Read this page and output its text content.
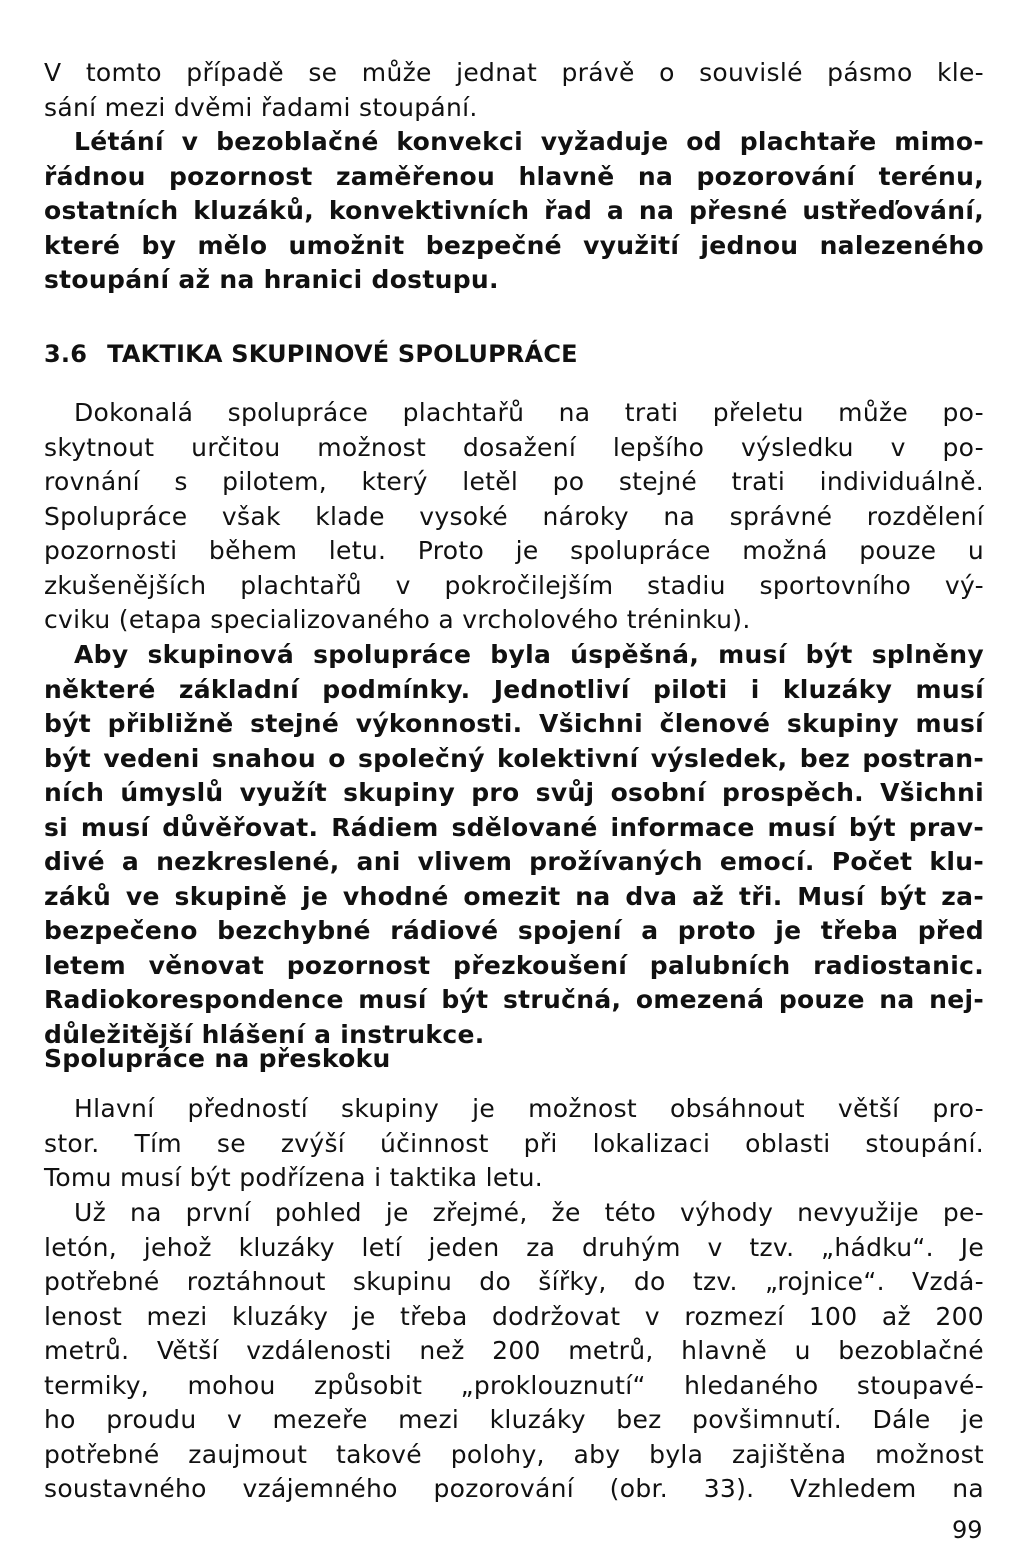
V tomto případě se může jednat právě o souvislé pásmo kle-
sání mezi dvěmi řadami stoupání.
Létání v bezoblačné konvekci vyžaduje od plachtaře mimo-
řádnou pozornost zaměřenou hlavně na pozorování terénu,
ostatních kluzáků, konvektivních řad a na přesné ustřeďování,
které by mělo umožnit bezpečné využití jednou nalezeného
stoupání až na hranici dostupu.
3.6 TAKTIKA SKUPINOVÉ SPOLUPRÁCE
Dokonalá spolupráce plachtařů na trati přeletu může po-
skytnout určitou možnost dosažení lepšího výsledku v po-
rovnání s pilotem, který letěl po stejné trati individuálně.
Spolupráce však klade vysoké nároky na správné rozdělení
pozornosti během letu. Proto je spolupráce možná pouze u
zkušenějších plachtařů v pokročilejším stadiu sportovního vý-
cviku (etapa specializovaného a vrcholového tréninku).
Aby skupinová spolupráce byla úspěšná, musí být splněny
některé základní podmínky. Jednotliví piloti i kluzáky musí
být přibližně stejné výkonnosti. Všichni členové skupiny musí
být vedeni snahou o společný kolektivní výsledek, bez postran-
ních úmyslů využít skupiny pro svůj osobní prospěch. Všichni
si musí důvěřovat. Rádiem sdělované informace musí být prav-
divé a nezkreslené, ani vlivem prožívaných emocí. Počet klu-
záků ve skupině je vhodné omezit na dva až tři. Musí být za-
bezpečeno bezchybné rádiové spojení a proto je třeba před
letem věnovat pozornost přezkoušení palubních radiostanic.
Radiokorespondence musí být stručná, omezená pouze na nej-
důležitější hlášení a instrukce.
Spolupráce na přeskoku
Hlavní předností skupiny je možnost obsáhnout větší pro-
stor. Tím se zvýší účinnost při lokalizaci oblasti stoupání.
Tomu musí být podřízena i taktika letu.
Už na první pohled je zřejmé, že této výhody nevyužije pe-
letón, jehož kluzáky letí jeden za druhým v tzv. „hádku“. Je
potřebné roztáhnout skupinu do šířky, do tzv. „rojnice“. Vzdá-
lenost mezi kluzáky je třeba dodržovat v rozmezí 100 až 200
metrů. Větší vzdálenosti než 200 metrů, hlavně u bezoblačné
termiky, mohou způsobit „proklouznutí“ hledaného stoupavé-
ho proudu v mezeře mezi kluzáky bez povšimnutí. Dále je
potřebné zaujmout takové polohy, aby byla zajištěna možnost
soustavného vzájemného pozorování (obr. 33). Vzhledem na
99
